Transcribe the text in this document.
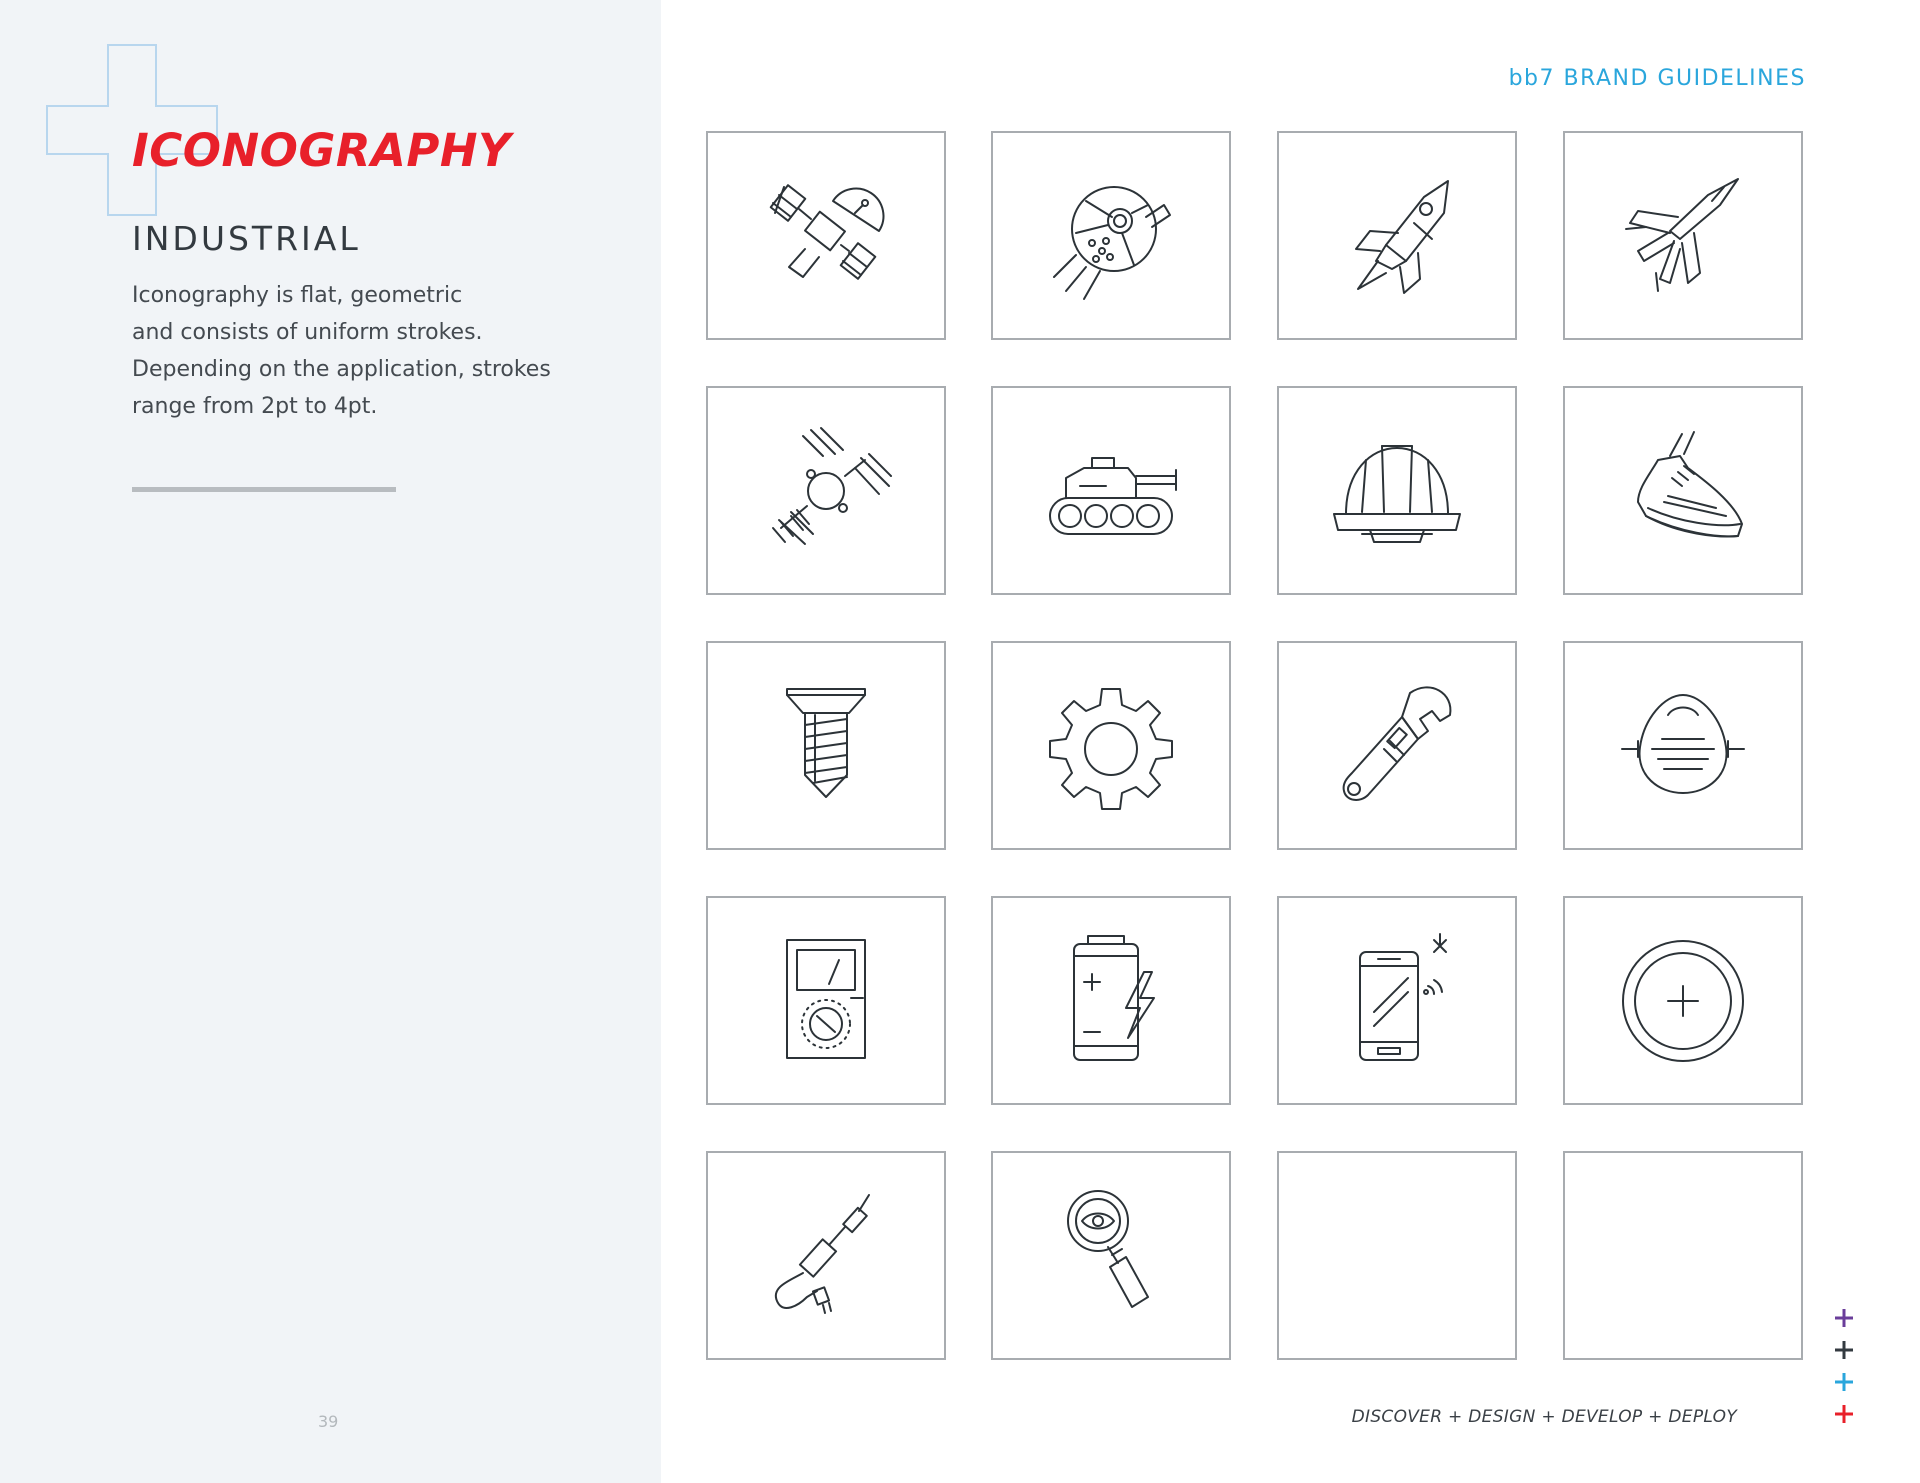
ICONOGRAPHY
INDUSTRIAL
Iconography is flat, geometric
and consists of uniform strokes.
Depending on the application, strokes
range from 2pt to 4pt.
39
bb7 BRAND GUIDELINES
DISCOVER + DESIGN + DEVELOP + DEPLOY
